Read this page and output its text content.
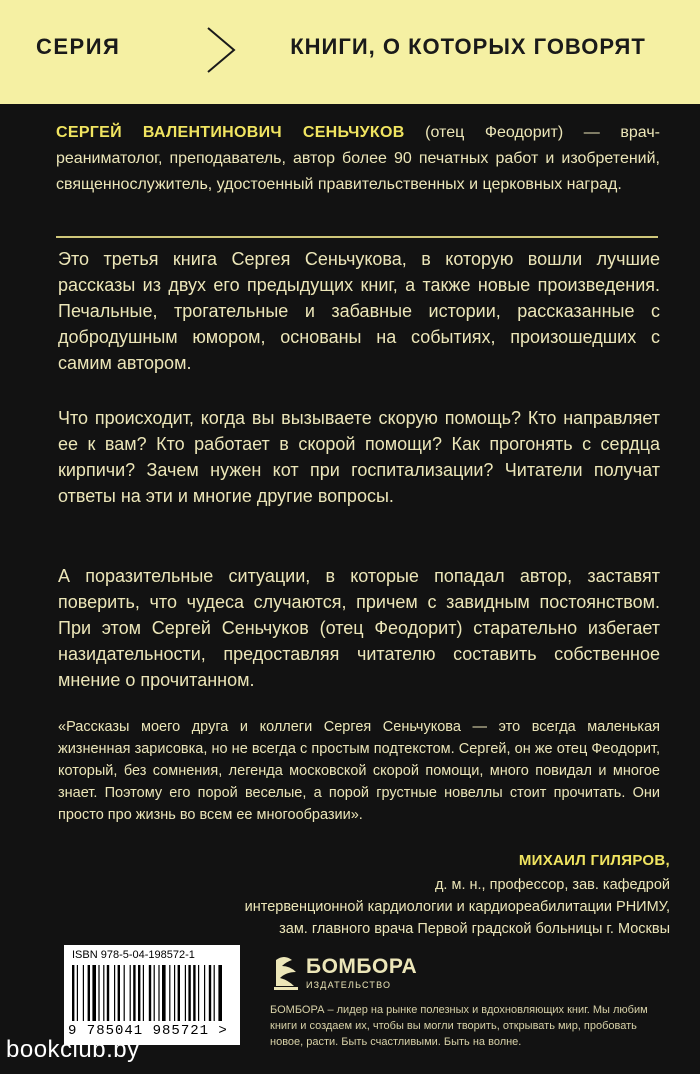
СЕРИЯ	КНИГИ, О КОТОРЫХ ГОВОРЯТ
СЕРГЕЙ ВАЛЕНТИНОВИЧ СЕНЬЧУКОВ (отец Феодорит) — врач-реаниматолог, преподаватель, автор более 90 печатных работ и изобретений, священнослужитель, удостоенный правительственных и церковных наград.
Это третья книга Сергея Сеньчукова, в которую вошли лучшие рассказы из двух его предыдущих книг, а также новые произведения. Печальные, трогательные и забавные истории, рассказанные с добродушным юмором, основаны на событиях, произошедших с самим автором.
Что происходит, когда вы вызываете скорую помощь? Кто направляет ее к вам? Кто работает в скорой помощи? Как прогонять с сердца кирпичи? Зачем нужен кот при госпитализации? Читатели получат ответы на эти и многие другие вопросы.
А поразительные ситуации, в которые попадал автор, заставят поверить, что чудеса случаются, причем с завидным постоянством. При этом Сергей Сеньчуков (отец Феодорит) старательно избегает назидательности, предоставляя читателю составить собственное мнение о прочитанном.
«Рассказы моего друга и коллеги Сергея Сеньчукова — это всегда маленькая жизненная зарисовка, но не всегда с простым подтекстом. Сергей, он же отец Феодорит, который, без сомнения, легенда московской скорой помощи, много повидал и многое знает. Поэтому его порой веселые, а порой грустные новеллы стоит прочитать. Они просто про жизнь во всем ее многообразии».
МИХАИЛ ГИЛЯРОВ,
д. м. н., профессор, зав. кафедрой
интервенционной кардиологии и кардиореабилитации РНИМУ,
зам. главного врача Первой градской больницы г. Москвы
ISBN 978-5-04-198572-1
9 785041 985721 >
БОМБОРА
ИЗДАТЕЛЬСТВО
БОМБОРА – лидер на рынке полезных и вдохновляющих книг. Мы любим книги и создаем их, чтобы вы могли творить, открывать мир, пробовать новое, расти. Быть счастливыми. Быть на волне.
bookclub.by
